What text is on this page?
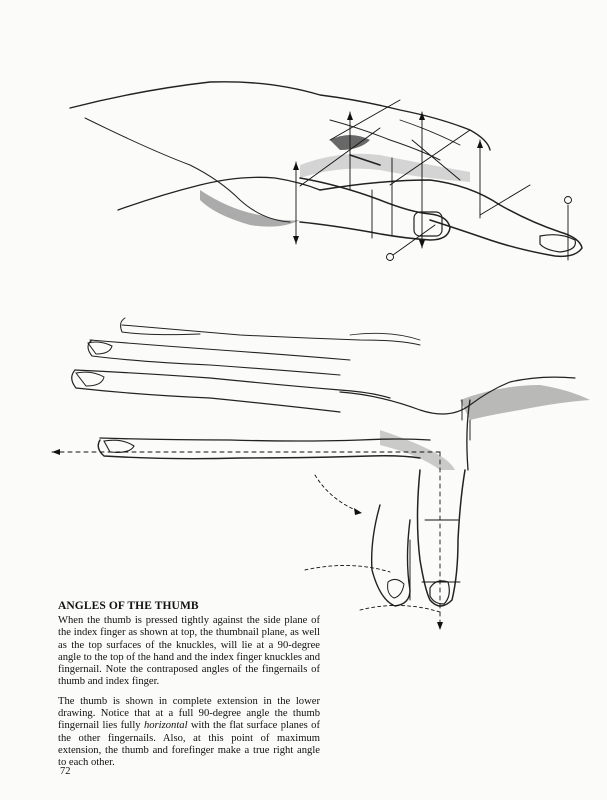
ANGLES OF THE THUMB

When the thumb is pressed tightly against the side plane of the index finger as shown at top, the thumbnail plane, as well as the top surfaces of the knuckles, will lie at a 90-degree angle to the top of the hand and the index finger knuckles and fingernail. Note the contraposed angles of the fingernails of thumb and index finger.

The thumb is shown in complete extension in the lower drawing. Notice that at a full 90-degree angle the thumb fingernail lies fully horizontal with the flat surface planes of the other fingernails. Also, at this point of maximum extension, the thumb and forefinger make a true right angle to each other.

72
